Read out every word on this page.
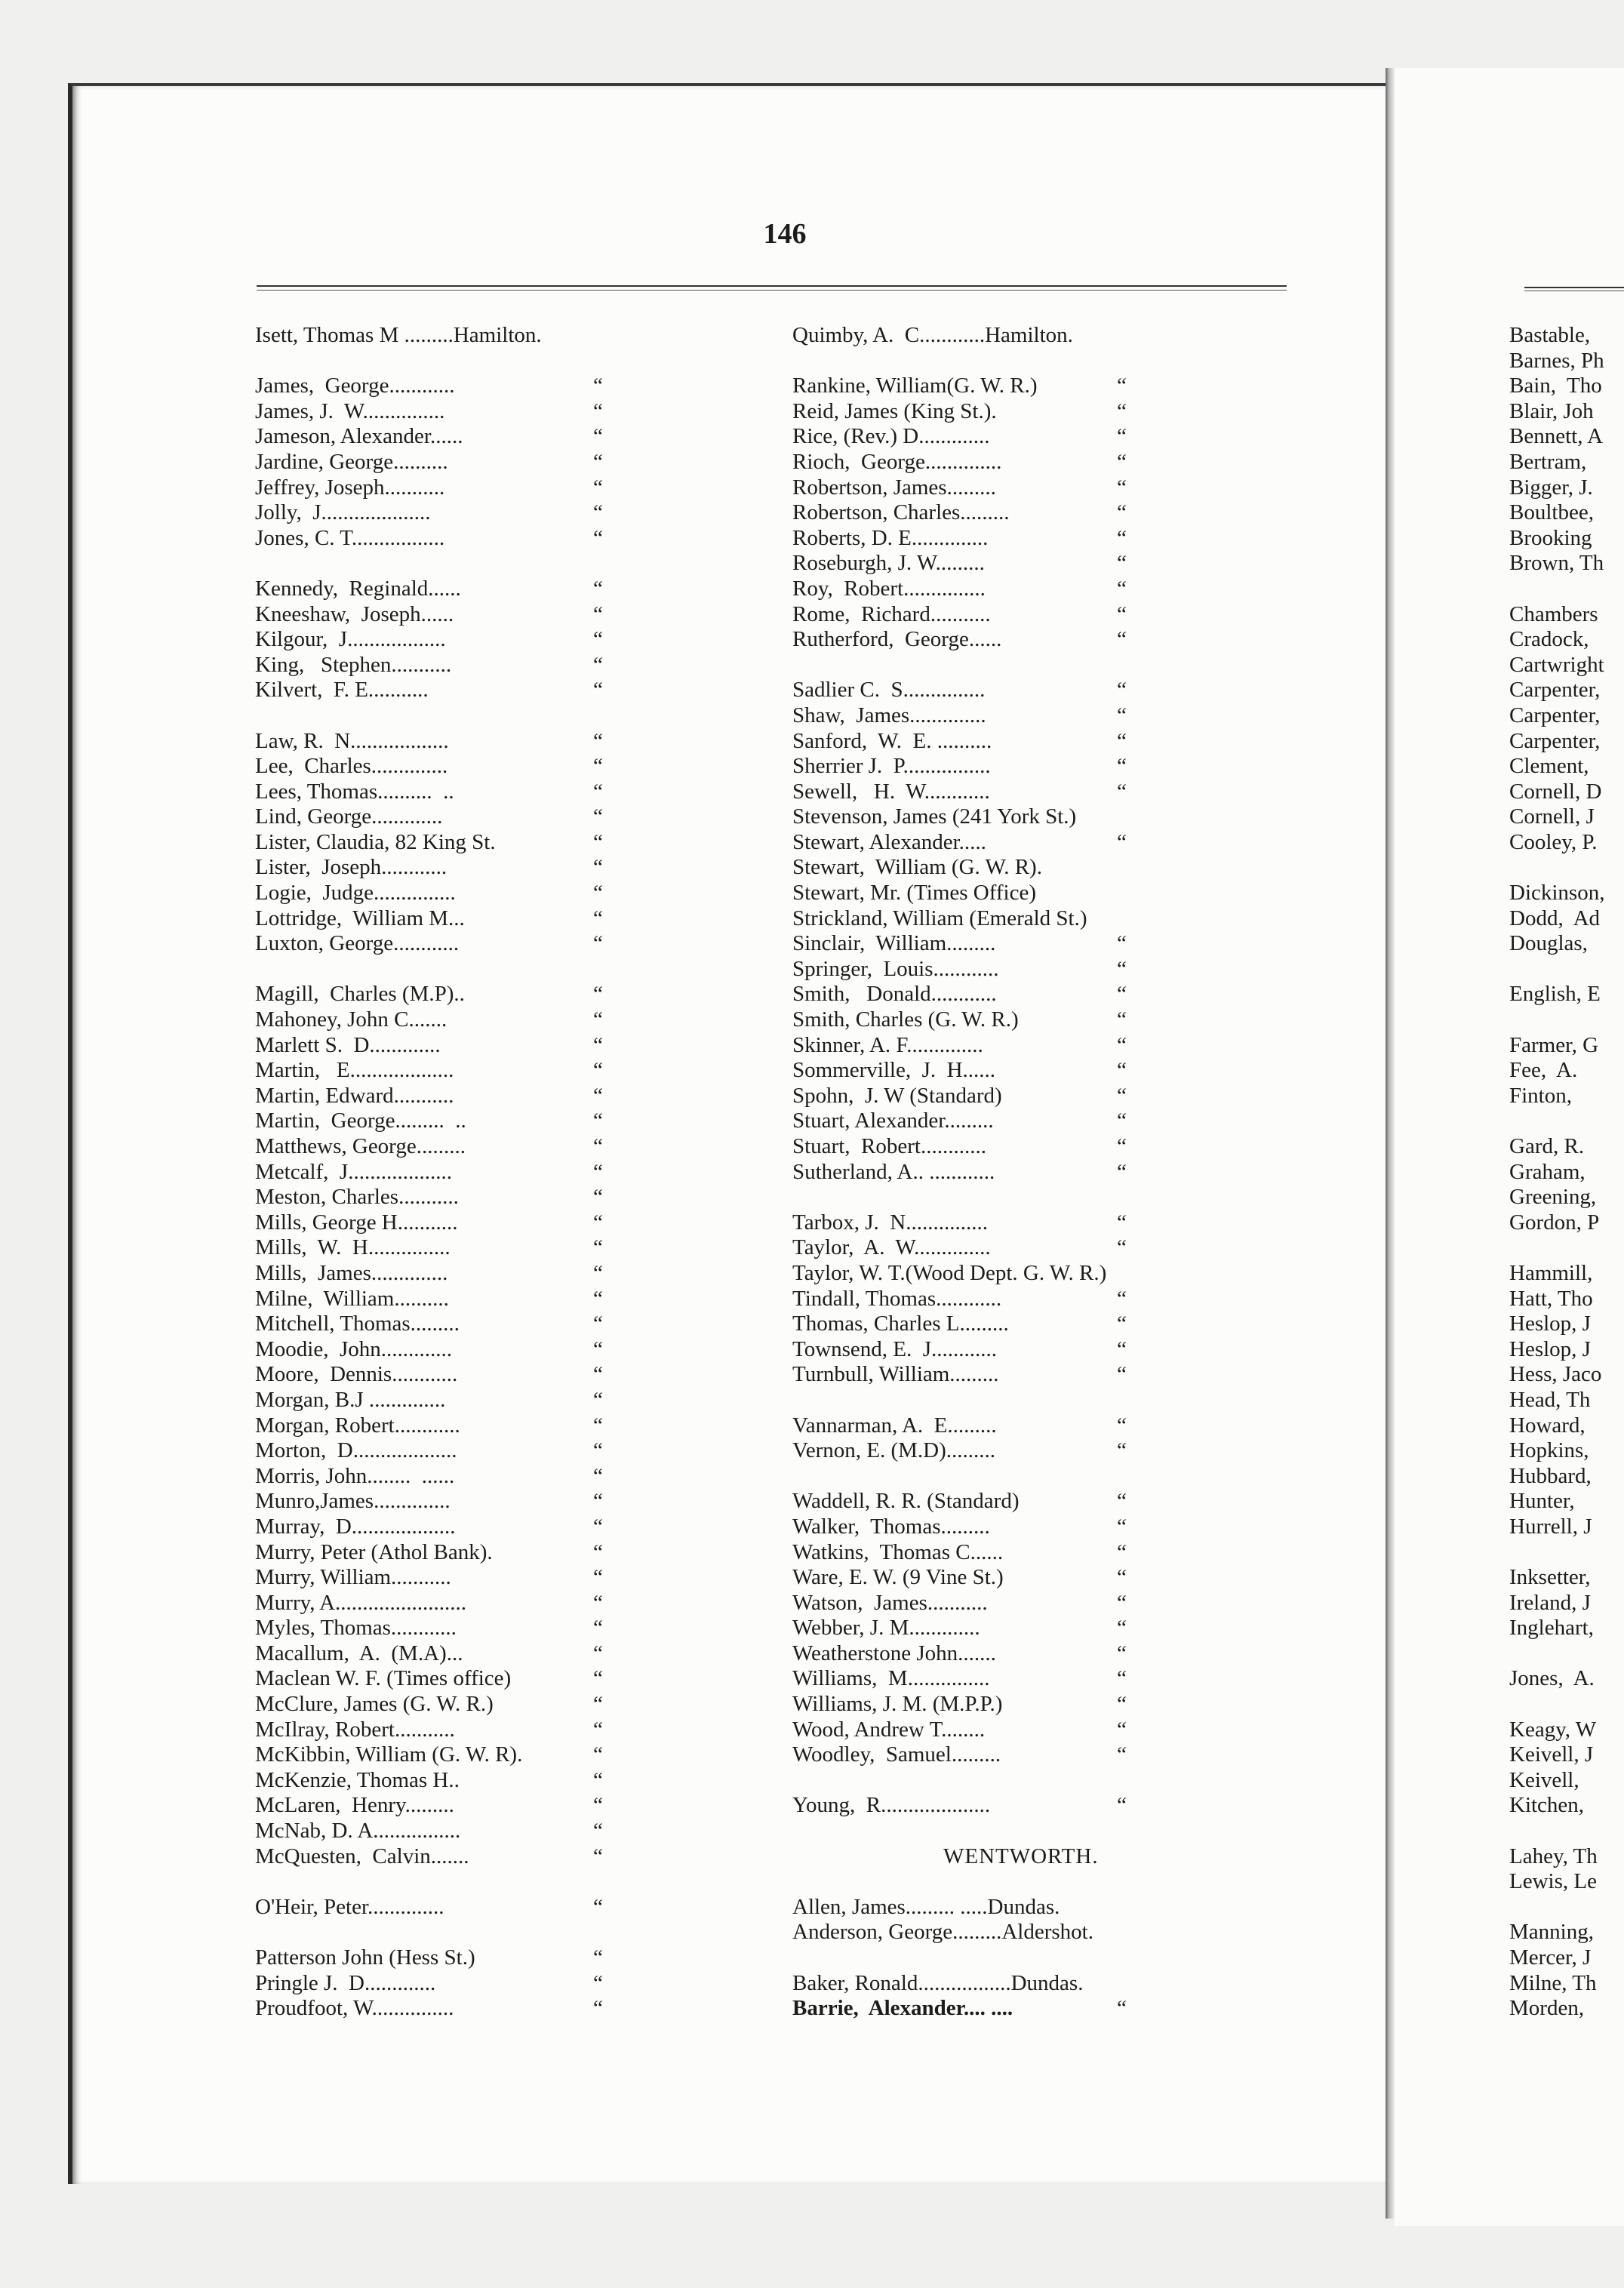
146
Isett, Thomas M .........Hamilton.
James,  George............	“
James, J.  W...............	“
Jameson, Alexander......	“
Jardine, George..........	“
Jeffrey, Joseph...........	“
Jolly,  J....................	“
Jones, C. T.................	“
Kennedy,  Reginald......	“
Kneeshaw,  Joseph......	“
Kilgour,  J..................	“
King,   Stephen...........	“
Kilvert,  F. E...........	“
Law, R.  N..................	“
Lee,  Charles..............	“
Lees, Thomas..........  ..	“
Lind, George.............	“
Lister, Claudia, 82 King St.	“
Lister,  Joseph............	“
Logie,  Judge...............	“
Lottridge,  William M...	“
Luxton, George............	“
Magill,  Charles (M.P)..	“
Mahoney, John C.......	“
Marlett S.  D.............	“
Martin,   E...................	“
Martin, Edward...........	“
Martin,  George.........  ..	“
Matthews, George.........	“
Metcalf,  J...................	“
Meston, Charles...........	“
Mills, George H...........	“
Mills,  W.  H...............	“
Mills,  James..............	“
Milne,  William..........	“
Mitchell, Thomas.........	“
Moodie,  John.............	“
Moore,  Dennis............	“
Morgan, B.J ..............	“
Morgan, Robert............	“
Morton,  D...................	“
Morris, John........  ......	“
Munro,James..............	“
Murray,  D...................	“
Murry, Peter (Athol Bank).	“
Murry, William...........	“
Murry, A........................	“
Myles, Thomas............	“
Macallum,  A.  (M.A)...	“
Maclean W. F. (Times office)	“
McClure, James (G. W. R.)	“
McIlray, Robert...........	“
McKibbin, William (G. W. R).	“
McKenzie, Thomas H..	“
McLaren,  Henry.........	“
McNab, D. A................	“
McQuesten,  Calvin.......	“
O'Heir, Peter..............	“
Patterson John (Hess St.)	“
Pringle J.  D.............	“
Proudfoot, W...............	“
Quimby, A.  C............Hamilton.
Rankine, William(G. W. R.)	“
Reid, James (King St.).	“
Rice, (Rev.) D.............	“
Rioch,  George..............	“
Robertson, James.........	“
Robertson, Charles.........	“
Roberts, D. E..............	“
Roseburgh, J. W.........	“
Roy,  Robert...............	“
Rome,  Richard...........	“
Rutherford,  George......	“
Sadlier C.  S...............	“
Shaw,  James..............	“
Sanford,  W.  E. ..........	“
Sherrier J.  P................	“
Sewell,   H.  W............	“
Stevenson, James (241 York St.)
Stewart, Alexander.....	“
Stewart,  William (G. W. R).
Stewart, Mr. (Times Office)
Strickland, William (Emerald St.)
Sinclair,  William.........	“
Springer,  Louis............	“
Smith,   Donald............	“
Smith, Charles (G. W. R.)	“
Skinner, A. F..............	“
Sommerville,  J.  H......	“
Spohn,  J. W (Standard)	“
Stuart, Alexander.........	“
Stuart,  Robert............	“
Sutherland, A.. ............	“
Tarbox, J.  N...............	“
Taylor,  A.  W..............	“
Taylor, W. T.(Wood Dept. G. W. R.)
Tindall, Thomas............	“
Thomas, Charles L.........	“
Townsend, E.  J............	“
Turnbull, William.........	“
Vannarman, A.  E.........	“
Vernon, E. (M.D).........	“
Waddell, R. R. (Standard)	“
Walker,  Thomas.........	“
Watkins,  Thomas C......	“
Ware, E. W. (9 Vine St.)	“
Watson,  James...........	“
Webber, J. M.............	“
Weatherstone John.......	“
Williams,  M...............	“
Williams, J. M. (M.P.P.)	“
Wood, Andrew T........	“
Woodley,  Samuel.........	“
Young,  R....................	“
WENTWORTH.
Allen, James......... .....Dundas.
Anderson, George.........Aldershot.
Baker, Ronald.................Dundas.
Barrie,  Alexander.... ....	“
Bastable,
Barnes, Ph
Bain,  Tho
Blair, Joh
Bennett, A
Bertram,
Bigger, J.
Boultbee,
Brooking
Brown, Th
Chambers
Cradock,
Cartwright
Carpenter,
Carpenter,
Carpenter,
Clement,
Cornell, D
Cornell, J
Cooley, P.
Dickinson,
Dodd,  Ad
Douglas,
English, E
Farmer, G
Fee,  A.
Finton,
Gard, R.
Graham,
Greening,
Gordon, P
Hammill,
Hatt, Tho
Heslop, J
Heslop, J
Hess, Jaco
Head, Th
Howard,
Hopkins,
Hubbard,
Hunter,
Hurrell, J
Inksetter,
Ireland, J
Inglehart,
Jones,  A.
Keagy, W
Keivell, J
Keivell,
Kitchen,
Lahey, Th
Lewis, Le
Manning,
Mercer, J
Milne, Th
Morden,
